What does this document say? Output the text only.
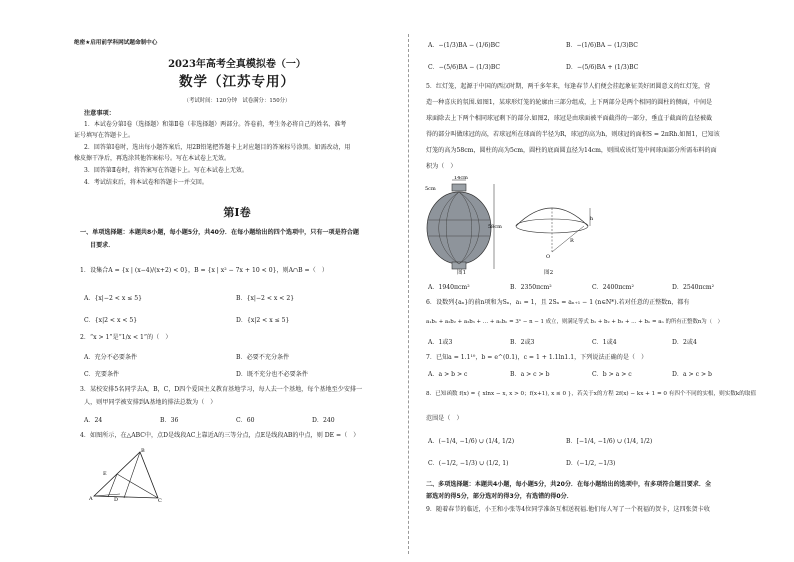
绝密★启用前学科网试题命制中心
2023年高考全真模拟卷（一）
数学（江苏专用）
（考试时间：120分钟　试卷满分：150分）
注意事项：
1．本试卷分第Ⅰ卷（选择题）和第Ⅱ卷（非选择题）两部分。答卷前，考生务必将自己的姓名、准考
证号填写在答题卡上。
2．回答第Ⅰ卷时，选出每小题答案后，用2B铅笔把答题卡上对应题目的答案标号涂黑。如需改动，用
橡皮擦干净后，再选涂其他答案标号。写在本试卷上无效。
3．回答第Ⅱ卷时，将答案写在答题卡上。写在本试卷上无效。
4．考试结束后，将本试卷和答题卡一并交回。
第Ⅰ卷
一、单项选择题：本题共8小题，每小题5分，共40分．在每小题给出的四个选项中，只有一项是符合题
目要求．
1．设集合A = {x | (x−4)/(x+2) < 0}，B = {x | x² − 7x + 10 < 0}，则A∩B =（　）
A．{x|−2 < x ≤ 5}	B．{x|−2 < x < 2}
C．{x|2 < x < 5}	D．{x|2 < x ≤ 5}
2．“x > 1”是“1/x < 1”的（　）
A．充分不必要条件	B．必要不充分条件
C．充要条件	D．既不充分也不必要条件
3．某校安排5名同学去A，B，C，D四个爱国主义教育基地学习，每人去一个基地，每个基地至少安排一
人，则甲同学被安排到A基地的排法总数为（　）
A．24	B．36	C．60	D．240
4．如图所示，在△ABC中，点D是线段AC上靠近A的三等分点，点E是线段AB的中点，则 DE =（　）
E
A	D
B
C
A．−(1/3)BA − (1/6)BC	B．−(1/6)BA − (1/3)BC
C．−(5/6)BA − (1/3)BC	D．−(5/6)BA + (1/3)BC
5．红灯笼，起源于中国的西汉时期，两千多年来，每逢春节人们便会挂起象征美好团圆意义的红灯笼，营
造一种喜庆的氛围.如图1，某球形灯笼的轮廓由三部分组成，上下两部分是两个相同的圆柱的侧面，中间是
球面除去上下两个相同球冠剩下的部分.如图2，球冠是由球面被平面截得的一部分，垂直于截面的直径被截
得的部分叫做球冠的高，若球冠所在球面的半径为R，球冠的高为h，则球冠的面积S = 2πRh.如图1，已知该
灯笼的高为58cm，圆柱的高为5cm，圆柱的底面圆直径为14cm，则围成该灯笼中间球面部分所需布料的面
积为（　）
14cm
5cm
58cm
图1
h
R
O
图2
A．1940πcm²	B．2350πcm²	C．2400πcm²	D．2540πcm²
6．设数列{aₙ}的前n项和为Sₙ，a₁ = 1，且 2Sₙ = aₙ₊₁ − 1 (n∈N*).若对任意的正整数n，都有
a₁b₁ + a₂b₂ + a₃b₃ + … + aₙbₙ = 3ⁿ − n − 1 成立，则满足等式 b₁ + b₂ + b₃ + … + bₙ = aₙ 的所有正整数n为（　）
A．1或3	B．2或3	C．1或4	D．2或4
7．已知a = 1.1¹⁰，b = e^(0.1)，c = 1 + 1.1ln1.1，下列说法正确的是（　）
A．a > b > c	B．a > c > b	C．b > a > c	D．a > c > b
8．已知函数 f(x) = { xlnx − x, x > 0；f(x+1), x ≤ 0 }，若关于x的方程 2f(x) − kx + 1 = 0 有四个不同的实根，则实数k的取值
范围是（　）
A．(−1/4, −1/6) ∪ (1/4, 1/2)	B．[−1/4, −1/6) ∪ (1/4, 1/2)
C．(−1/2, −1/3) ∪ (1/2, 1)	D．(−1/2, −1/3)
二、多项选择题：本题共4小题，每小题5分，共20分．在每小题给出的选项中，有多项符合题目要求．全
部选对的得5分，部分选对的得3分，有选错的得0分．
9．随着春节的临近，小王和小张等4位同学准备互相送祝福.他们每人写了一个祝福的贺卡，这四张贺卡收
